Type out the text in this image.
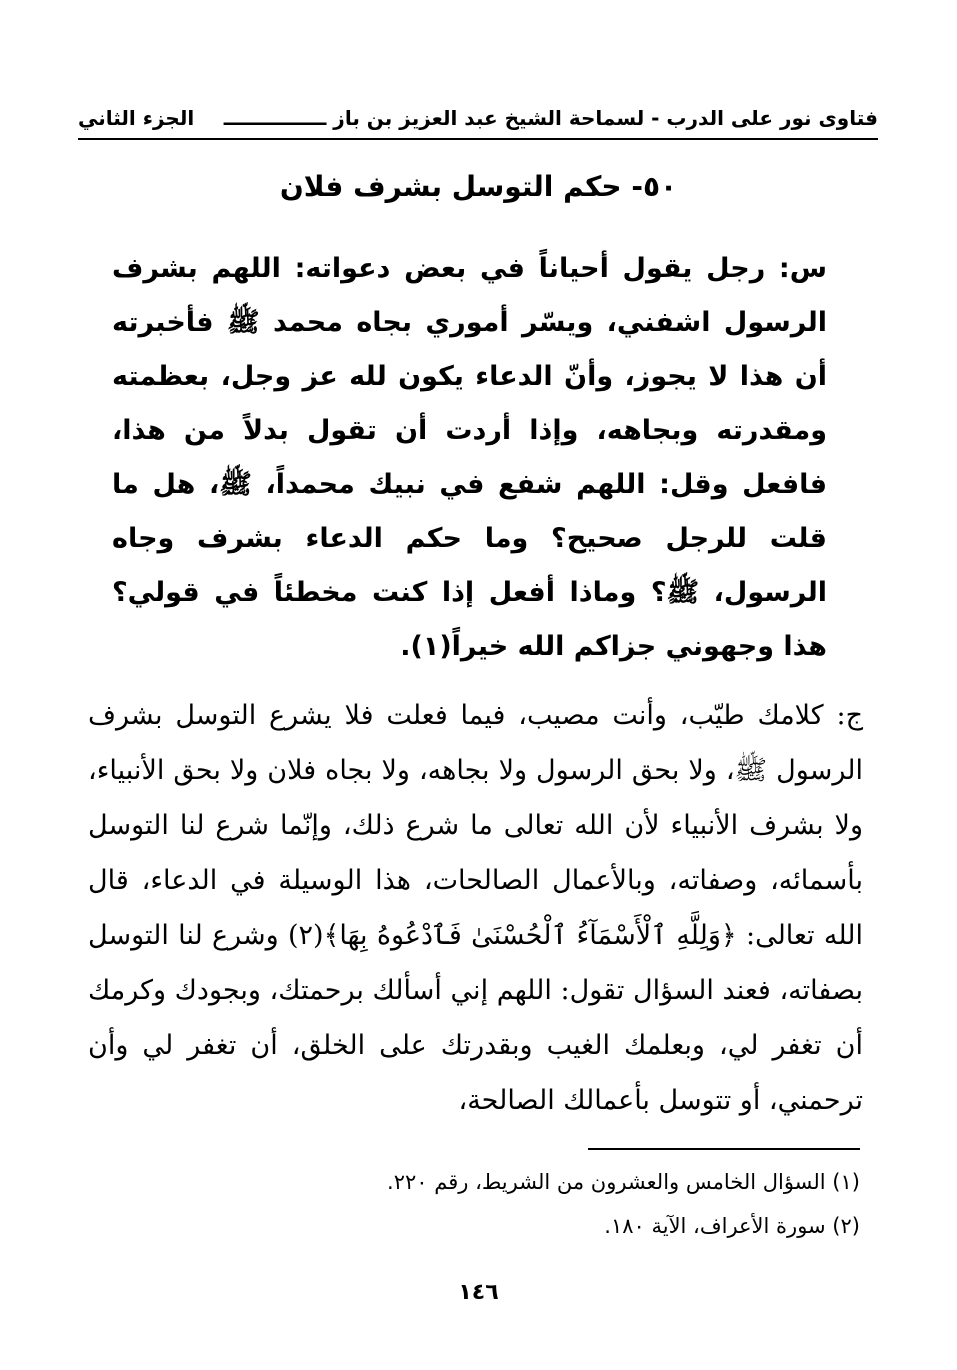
فتاوى نور على الدرب - لسماحة الشيخ عبد العزيز بن باز ـــــــــــــــ
الجزء الثاني
٥٠- حكم التوسل بشرف فلان
س: رجل يقول أحياناً في بعض دعواته: اللهم بشرف الرسول اشفني، ويسّر أموري بجاه محمد ﷺ فأخبرته أن هذا لا يجوز، وأنّ الدعاء يكون لله عز وجل، بعظمته ومقدرته وبجاهه، وإذا أردت أن تقول بدلاً من هذا، فافعل وقل: اللهم شفع في نبيك محمداً، ﷺ، هل ما قلت للرجل صحيح؟ وما حكم الدعاء بشرف وجاه الرسول، ﷺ؟ وماذا أفعل إذا كنت مخطئاً في قولي؟ هذا وجهوني جزاكم الله خيراً(١).
ج: كلامك طيّب، وأنت مصيب، فيما فعلت فلا يشرع التوسل بشرف الرسول ﷺ، ولا بحق الرسول ولا بجاهه، ولا بجاه فلان ولا بحق الأنبياء، ولا بشرف الأنبياء لأن الله تعالى ما شرع ذلك، وإنّما شرع لنا التوسل بأسمائه، وصفاته، وبالأعمال الصالحات، هذا الوسيلة في الدعاء، قال الله تعالى: ﴿وَلِلَّهِ ٱلْأَسْمَآءُ ٱلْحُسْنَىٰ فَٱدْعُوهُ بِهَا﴾(٢) وشرع لنا التوسل بصفاته، فعند السؤال تقول: اللهم إني أسألك برحمتك، وبجودك وكرمك أن تغفر لي، وبعلمك الغيب وبقدرتك على الخلق، أن تغفر لي وأن ترحمني، أو تتوسل بأعمالك الصالحة،
(١) السؤال الخامس والعشرون من الشريط، رقم ٢٢٠.
(٢) سورة الأعراف، الآية ١٨٠.
١٤٦
